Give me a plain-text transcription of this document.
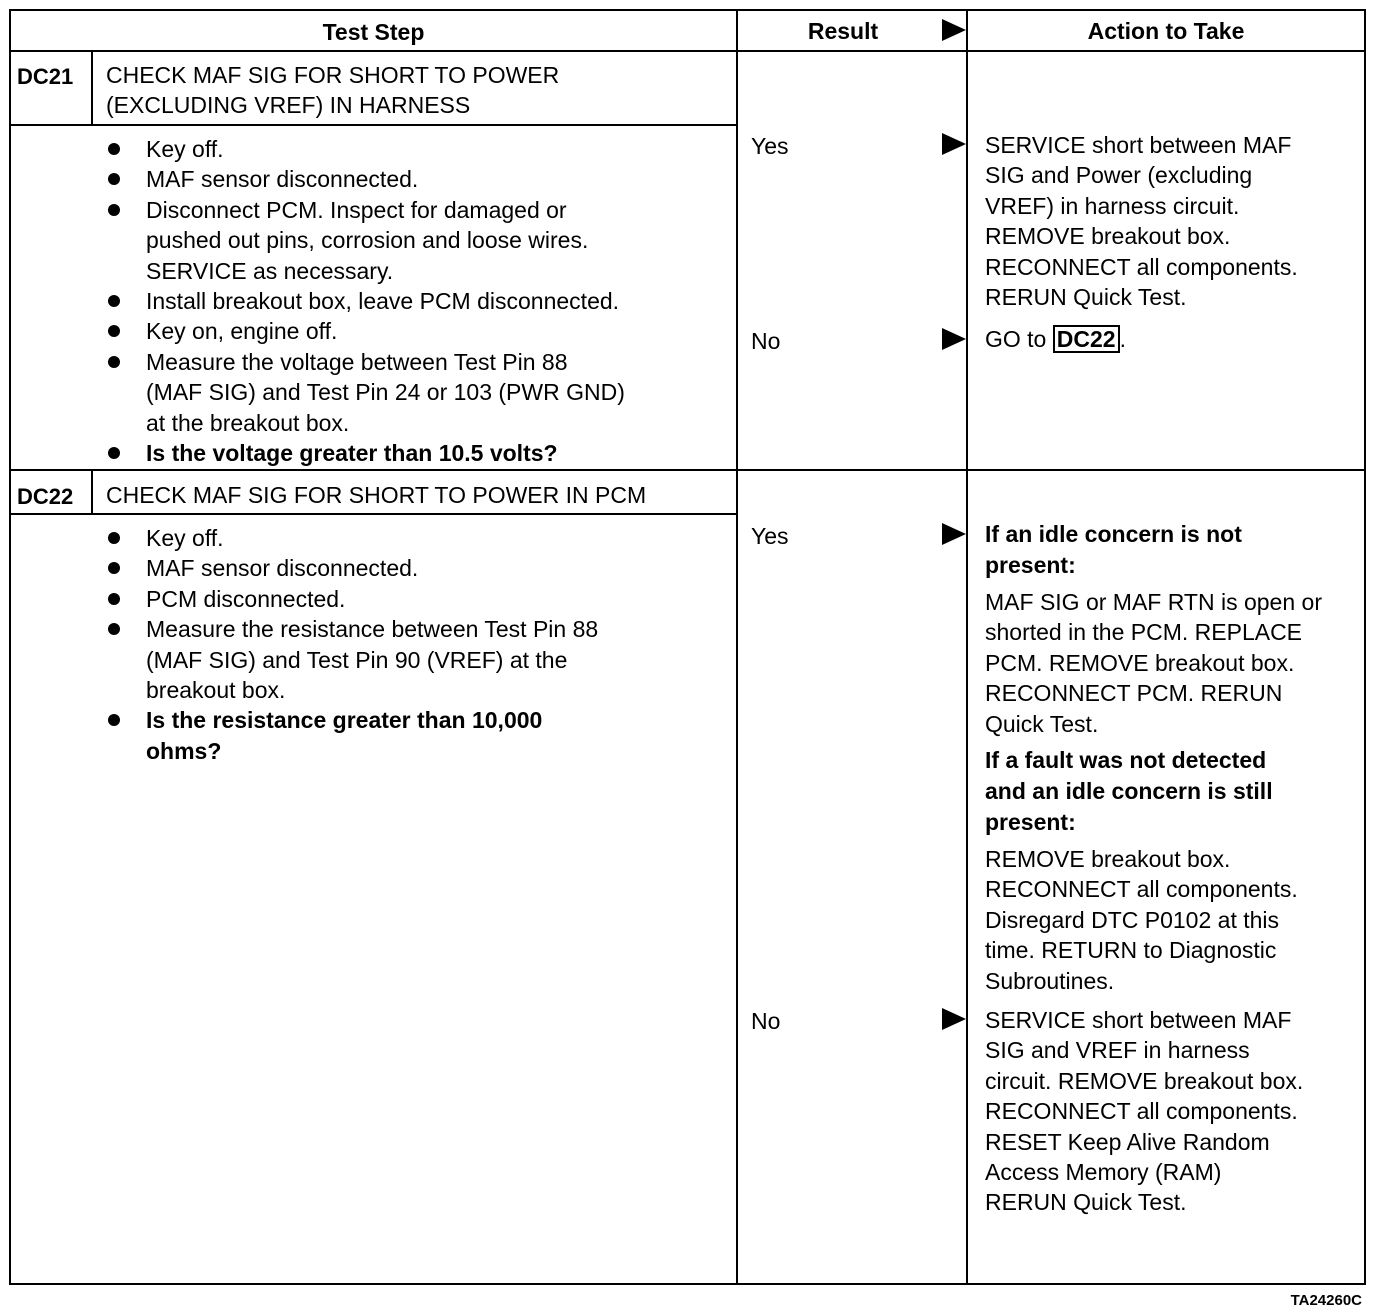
Test Step	Result	Action to Take
DC21 CHECK MAF SIG FOR SHORT TO POWER
(EXCLUDING VREF) IN HARNESS
Key off.
MAF sensor disconnected.
Disconnect PCM. Inspect for damaged or
pushed out pins, corrosion and loose wires.
SERVICE as necessary.
Install breakout box, leave PCM disconnected.
Key on, engine off.
Measure the voltage between Test Pin 88
(MAF SIG) and Test Pin 24 or 103 (PWR GND)
at the breakout box.
Is the voltage greater than 10.5 volts?
Yes	SERVICE short between MAF
SIG and Power (excluding
VREF) in harness circuit.
REMOVE breakout box.
RECONNECT all components.
RERUN Quick Test.
No	GO to DC22 .
DC22 CHECK MAF SIG FOR SHORT TO POWER IN PCM
Key off.
MAF sensor disconnected.
PCM disconnected.
Measure the resistance between Test Pin 88
(MAF SIG) and Test Pin 90 (VREF) at the
breakout box.
Is the resistance greater than 10,000
ohms?
Yes	If an idle concern is not
present:
MAF SIG or MAF RTN is open or
shorted in the PCM. REPLACE
PCM. REMOVE breakout box.
RECONNECT PCM. RERUN
Quick Test.
If a fault was not detected
and an idle concern is still
present:
REMOVE breakout box.
RECONNECT all components.
Disregard DTC P0102 at this
time. RETURN to Diagnostic
Subroutines.
No	SERVICE short between MAF
SIG and VREF in harness
circuit. REMOVE breakout box.
RECONNECT all components.
RESET Keep Alive Random
Access Memory (RAM)
RERUN Quick Test.
TA24260C
